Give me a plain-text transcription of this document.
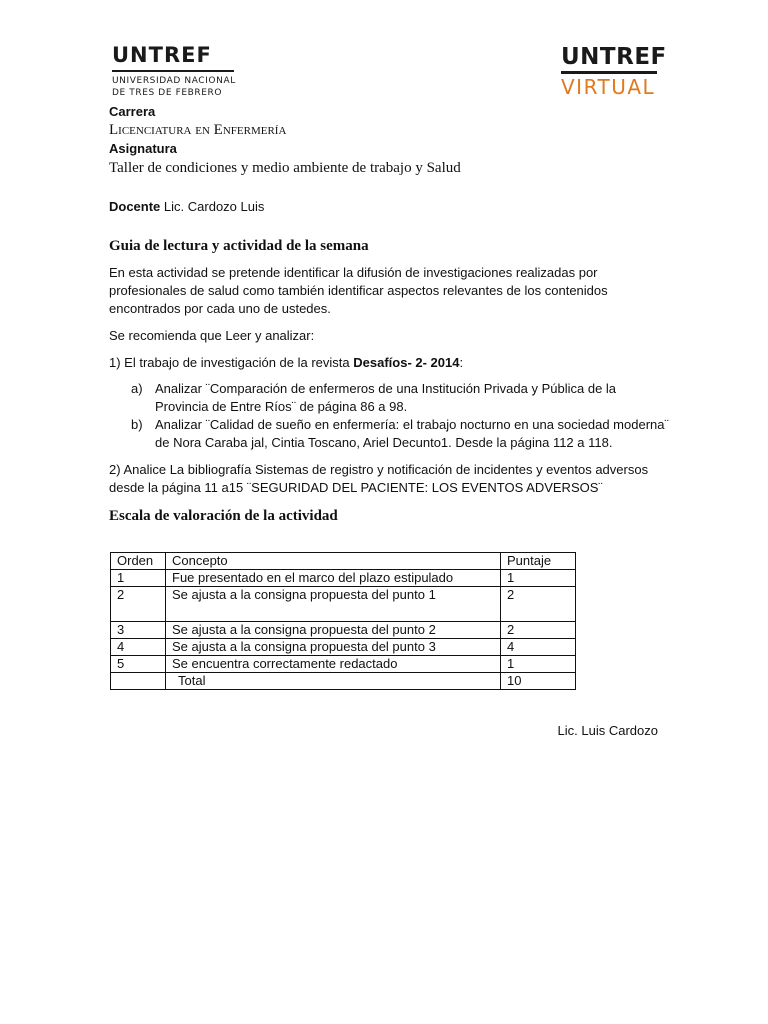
UNTREF
UNIVERSIDAD NACIONAL
DE TRES DE FEBRERO
UNTREF
VIRTUAL
Carrera
Licenciatura en Enfermería
Asignatura
Taller de condiciones y medio ambiente de trabajo y Salud
Docente Lic. Cardozo Luis
Guia de lectura y actividad de la semana

En esta actividad se pretende identificar la difusión de investigaciones realizadas por profesionales de salud como también identificar aspectos relevantes de los contenidos encontrados por cada uno de ustedes.

Se recomienda que Leer y analizar:

1) El trabajo de investigación de la revista Desafíos- 2- 2014:

a) Analizar ¨Comparación de enfermeros de una Institución Privada y Pública de la Provincia de Entre Ríos¨ de página 86 a 98.
b) Analizar ¨Calidad de sueño en enfermería: el trabajo nocturno en una sociedad moderna¨ de Nora Caraba jal, Cintia Toscano, Ariel Decunto1. Desde la página 112 a 118.

2) Analice La bibliografía Sistemas de registro y notificación de incidentes y eventos adversos desde la página 11 a15 ¨SEGURIDAD DEL PACIENTE: LOS EVENTOS ADVERSOS¨

Escala de valoración de la actividad
Orden	Concepto	Puntaje
1	Fue presentado en el marco del plazo estipulado	1
2	Se ajusta a la consigna propuesta del punto 1	2
3	Se ajusta a la consigna propuesta del punto 2	2
4	Se ajusta a la consigna propuesta del punto 3	4
5	Se encuentra correctamente redactado	1
	Total	10
Lic. Luis Cardozo
